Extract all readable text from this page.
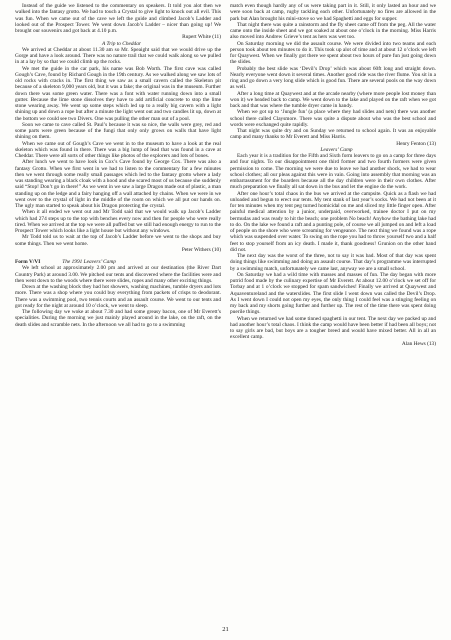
Instead of the guide we listened to the commentary on speakers. It told you alot then we walked into the fantasy grotto. We had to touch a Crystal to give light to knock out all evil. This was fun. When we came out of the cave we left the guide and climbed Jacob’s Ladder and looked out of the Prospect Tower. We went down Jacob’s Ladder – nicer than going up! We brought our souvenirs and got back at 4.10 p.m.

Rupert White (11)

A Trip to Cheddar

We arrived at Cheddar at about 11.30 am so Mr. Speaight said that we would drive up the Gorge and have a look around. There was no nature trail that we could walk along so we pulled in at a lay by so that we could climb up the rocks.

We met the guide in the car park, his name was Bob Worth. The first cave was called Gough’s Cave, found by Richard Gough in the 19th century. As we walked along we saw lots of old rocks with cracks in. The first thing we saw as a small cavern called the Skeleton pit because of a skeleton 9,000 years old, but it was a fake; the original was in the museum. Further down there was some green water. There was a font with water running down into a small gutter. Because the lime stone dissolves they have to add artificial concrete to stop the lime stone wearing away. We went up some steps which led up to a really big cavern with a light shining up and down a rope but after a minute the light went out and two candles lit up, down at the bottom we could see two Divers. One was pulling the other man out of a pool.

Soon we came to cave called St. Paul’s because it was so nice, the walls were grey, red and some parts were green because of the fungi that only only grows on walls that have light shining on them.

When we came out of Gough’s Cave we went in to the museum to have a look at the real skeleton which was found in there. There was a big lump of lead that was found in a cave at Cheddar. There were all sorts of other things like photos of the explorers and lots of bones.

After lunch we went to have look in Cox’s Cave found by George Cox. There was also a fantasy Grotto. When we first went in we had to listen to the commentary for a few minutes then we went through some really small passages which led to the fantasy grotto where a lady was standing wearing a black cloak with a hood and she scared most of us because she suddenly said “Stop! Don’t go in there!” As we went in we saw a large Dragon made out of plastic, a man standing up on the ledge and a fairy hanging off a wall attached by chains. When we were in we went over to the crystal of light in the middle of the room on which we all put our hands on. The ugly man started to speak about his Dragon protecting the crystal.

When it all ended we went out and Mr Todd said that we would walk up Jacob’s Ladder which had 274 steps up to the top with benches every now and then for people who were really tired. When we arrived at the top we were all puffed but we still had enough energy to run to the Prospect Tower which looks like a light house but without any windows.

Mr Todd told us to wait at the top of Jacob’s Ladder before we went to the shops and buy some things. Then we went home.

Peter Withers (10)

Form V/VI	The 1991 Leavers’ Camp

We left school at approximately 2.00 pm and arrived at our destination (the River Dart Country Park) at around 3.00. We pitched our tents and discovered where the facilities were and then went down to the woods where there were slides, ropes and many other exciting things.

Down at the washing block they had hot showers, washing machines, tumble dryers and lots more. There was a shop where you could buy everything from packets of crisps to deodorant. There was a swimming pool, two tennis courts and an assault course. We went to our tents and got ready for the night at around 10 o’clock, we went to sleep.

The following day we woke at about 7.30 and had some greasy bacon, one of Mr Everett’s specialities. During the morning we just mainly played around in the lake, on the raft, on the death slides and scramble nets. In the afternoon we all had to go to a swimming

match even though hardly any of us were taking part in it. Still, it only lasted an hour and we were soon back at camp, rugby tackling each other. Unfortunately no fires are allowed in the park but Alan brought his mini-stove so we had Spaghetti and eggs for supper.

That night there was quite a rainstorm and the fly sheet came off from the peg. All the water came onto the inside sheet and we got soaked at about one o’clock in the morning. Miss Harris also moved into Andrew Grieve’s tent as hers was wet too.

On Saturday morning we did the assault course. We were divided into two teams and each person took about ten minutes to do it. This took up alot of time and at about 12 o’clock we left for Quaywest. When we finally got there we spent about two hours of pure fun just going down the slides.

Probably the best slide was ‘Devil’s Drop’ which was about 60ft long and straight down. Nearly everyone went down it several times. Another good ride was the river flume. You sit in a ring and go down a very long slide which is good fun. There are several pools on the way down as well.

After a long time at Quaywest and at the arcade nearby (where more people lost money than won it) we headed back to camp. We went down to the lake and played on the raft when we got back and that was where the tumble dryer came in handy.

When we got up to ‘Jungle fun’ (a place where they had slides and nets) there was another school there called Claysmore. There was quite a dispute about who was the best school and words were exchanged quite rapidly.

That night was quite dry and on Sunday we returned to school again. It was an enjoyable camp and many thanks to Mr Everett and Miss Harris.

Henry Fenton (13)

Leavers’ Camp

Each year it is a tradition for the Fifth and Sixth form leavers to go on a camp for three days and four nights. To our disappointment one third former and two fourth formers were given permission to come. The morning we were due to leave we had another shock, we had to wear school clothes; all our pleas against this were in vain. Going into assembly that morning was an embarrassment for the boarders because all the day children were in their own clothes. After much preparation we finally all sat down in the bus and let the engine do the work.

After one hour’s total chaos in the bus we arrived at the campsite. Quick as a flash we had unloaded and begun to erect our tents. My tent stank of last year’s socks. We had not been at it for ten minutes when my tent peg turned homicidal on me and sliced my little finger open. After painful medical attention by a junior, underpaid, overworked, trainee doctor I put on my bermudas and was ready to hit the beach; one problem No beach! Anyhow the bathing lake had to do. On the lake we found a raft and a punting pole, of course we all jumped on and left a load of people on the shore who were screaming for vengeance. The next thing we found was a rope which was suspended over water. To swing on the rope you had to throw yourself two and a half feet to stop yourself from an icy death. I made it, thank goodness! Grunion on the other hand did not.

The next day was the worst of the three, not to say it was bad. Most of that day was spent doing things like swimming and doing an assault course. That day’s programme was interrupted by a swimming match, unfortunately we came last, anyway we are a small school.

On Saturday we had a wild time with masses and masses of fun. The day began with more putrid food made by the culinary expertise of Mr Everett. At about 12.00 o’clock we set off for Torbay and at 1 o’clock we stopped for spam sandwiches! Finally we arrived at Quaywest and Aquaventureland and the waterslides. The first slide I went down was called the Devil’s Drop. As I went down I could not open my eyes, the only thing I could feel was a stinging feeling on my back and my shorts going further and further up. The rest of the time there was spent doing puerile things.

When we returned we had some tinned spaghetti in our tent. The next day we packed up and had another hour’s total chaos. I think the camp would have been better if had been all boys; not to say girls are bad, but boys are a tougher breed and would have mixed better. All in all an excellent camp.

Alan Hews (13)

21
